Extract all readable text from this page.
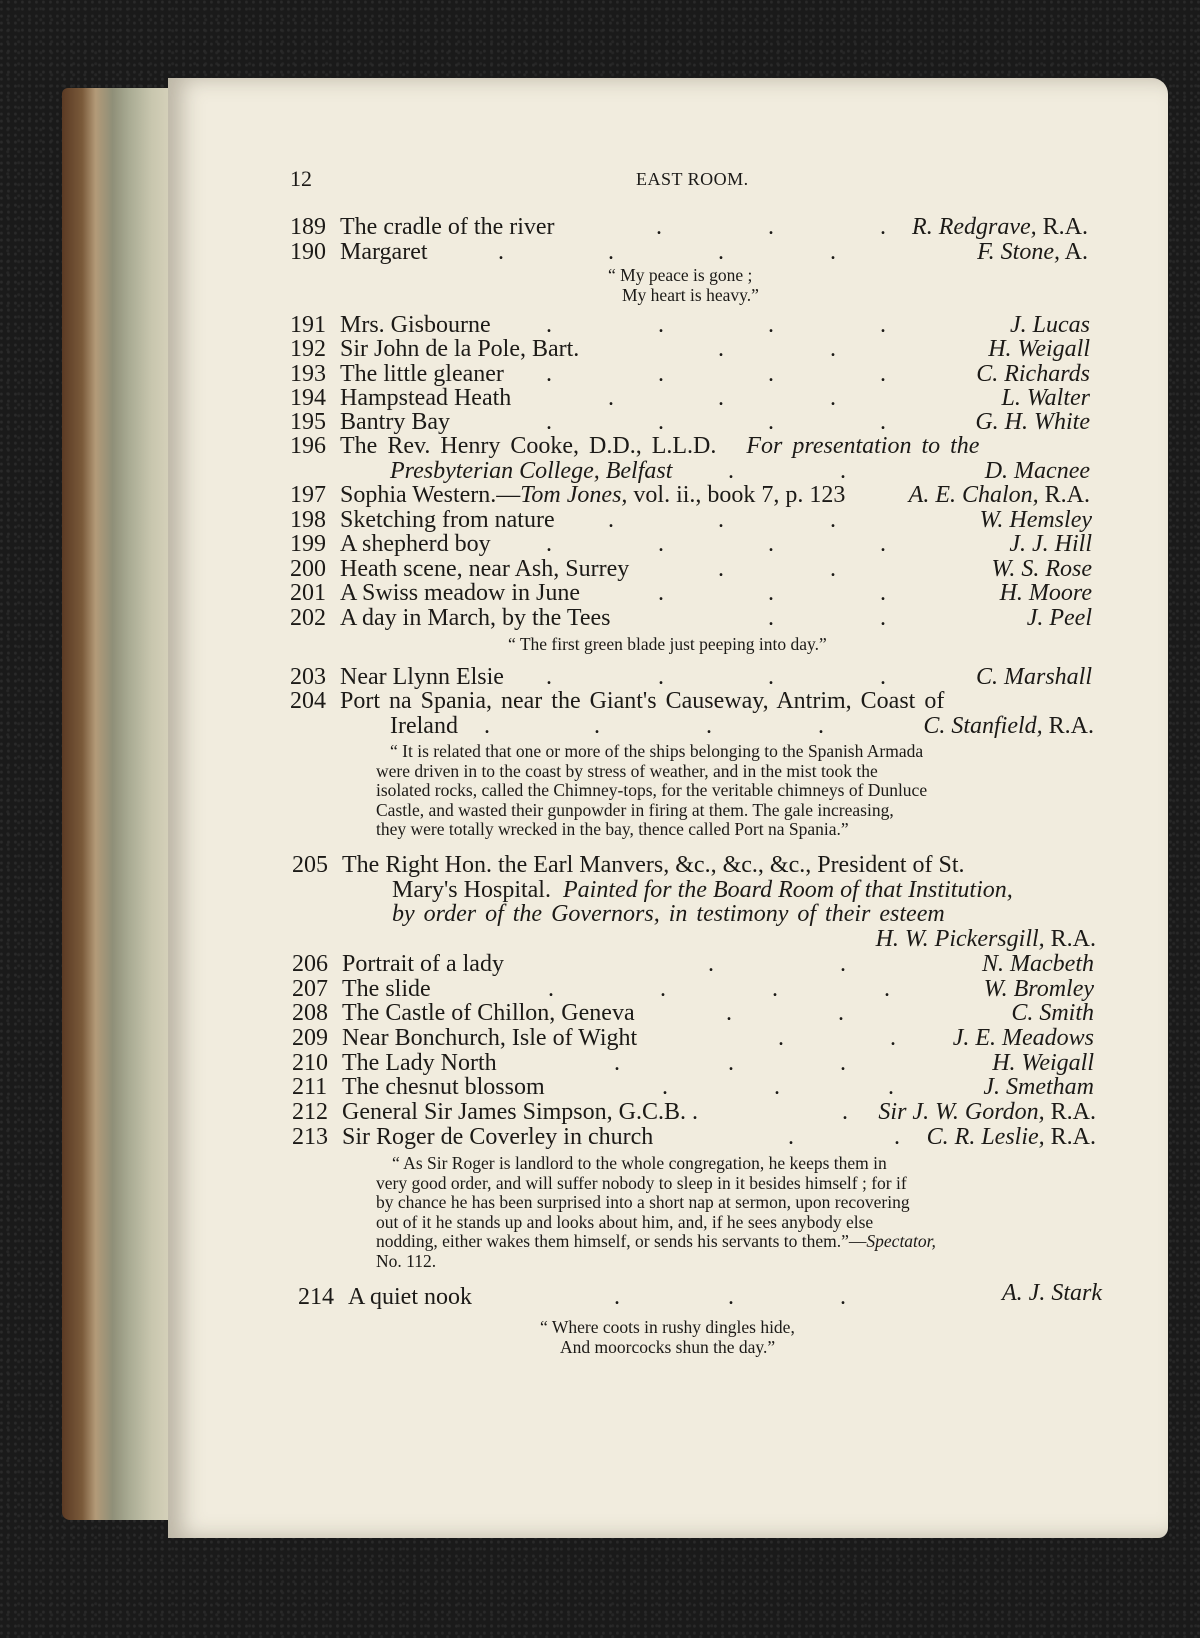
12	EAST ROOM.
189 The cradle of the river	.	.	. R. Redgrave, R.A.
190 Margaret	.	.	.	.	F. Stone, A.
“ My peace is gone ;
My heart is heavy.”
191 Mrs. Gisbourne .	.	.	.	J. Lucas
192 Sir John de la Pole, Bart.	.	.	H. Weigall
193 The little gleaner .	.	.	.	C. Richards
194 Hampstead Heath	.	.	.	L. Walter
195 Bantry Bay	.	.	.	.	G. H. White
196 The Rev. Henry Cooke, D.D., L.L.D. For presentation to the
Presbyterian College, Belfast .	.	D. Macnee
197 Sophia Western.—Tom Jones, vol. ii., book 7, p. 123	A. E. Chalon, R.A.
198 Sketching from nature .	.	.	W. Hemsley
199 A shepherd boy .	.	.	.	J. J. Hill
200 Heath scene, near Ash, Surrey	.	.	W. S. Rose
201 A Swiss meadow in June	.	.	.	H. Moore
202 A day in March, by the Tees	.	.	J. Peel
“ The first green blade just peeping into day.”
203 Near Llynn Elsie .	.	.	.	C. Marshall
204 Port na Spania, near the Giant's Causeway, Antrim, Coast of
Ireland .	.	.	.	C. Stanfield, R.A.
“ It is related that one or more of the ships belonging to the Spanish Armada
were driven in to the coast by stress of weather, and in the mist took the
isolated rocks, called the Chimney-tops, for the veritable chimneys of Dunluce
Castle, and wasted their gunpowder in firing at them. The gale increasing,
they were totally wrecked in the bay, thence called Port na Spania.”
205 The Right Hon. the Earl Manvers, &c., &c., &c., President of St.
Mary's Hospital. Painted for the Board Room of that Institution,
by order of the Governors, in testimony of their esteem
H. W. Pickersgill, R.A.
206 Portrait of a lady	.	.	N. Macbeth
207 The slide	.	.	.	.	W. Bromley
208 The Castle of Chillon, Geneva	.	.	C. Smith
209 Near Bonchurch, Isle of Wight	.	. J. E. Meadows
210 The Lady North	.	.	.	H. Weigall
211 The chesnut blossom	.	.	.	J. Smetham
212 General Sir James Simpson, G.C.B. .	. Sir J. W. Gordon, R.A.
213 Sir Roger de Coverley in church	.	. C. R. Leslie, R.A.
“ As Sir Roger is landlord to the whole congregation, he keeps them in
very good order, and will suffer nobody to sleep in it besides himself ; for if
by chance he has been surprised into a short nap at sermon, upon recovering
out of it he stands up and looks about him, and, if he sees anybody else
nodding, either wakes them himself, or sends his servants to them.”—Spectator,
No. 112.
214 A quiet nook	.	.	.	A. J. Stark
“ Where coots in rushy dingles hide,
And moorcocks shun the day.”
